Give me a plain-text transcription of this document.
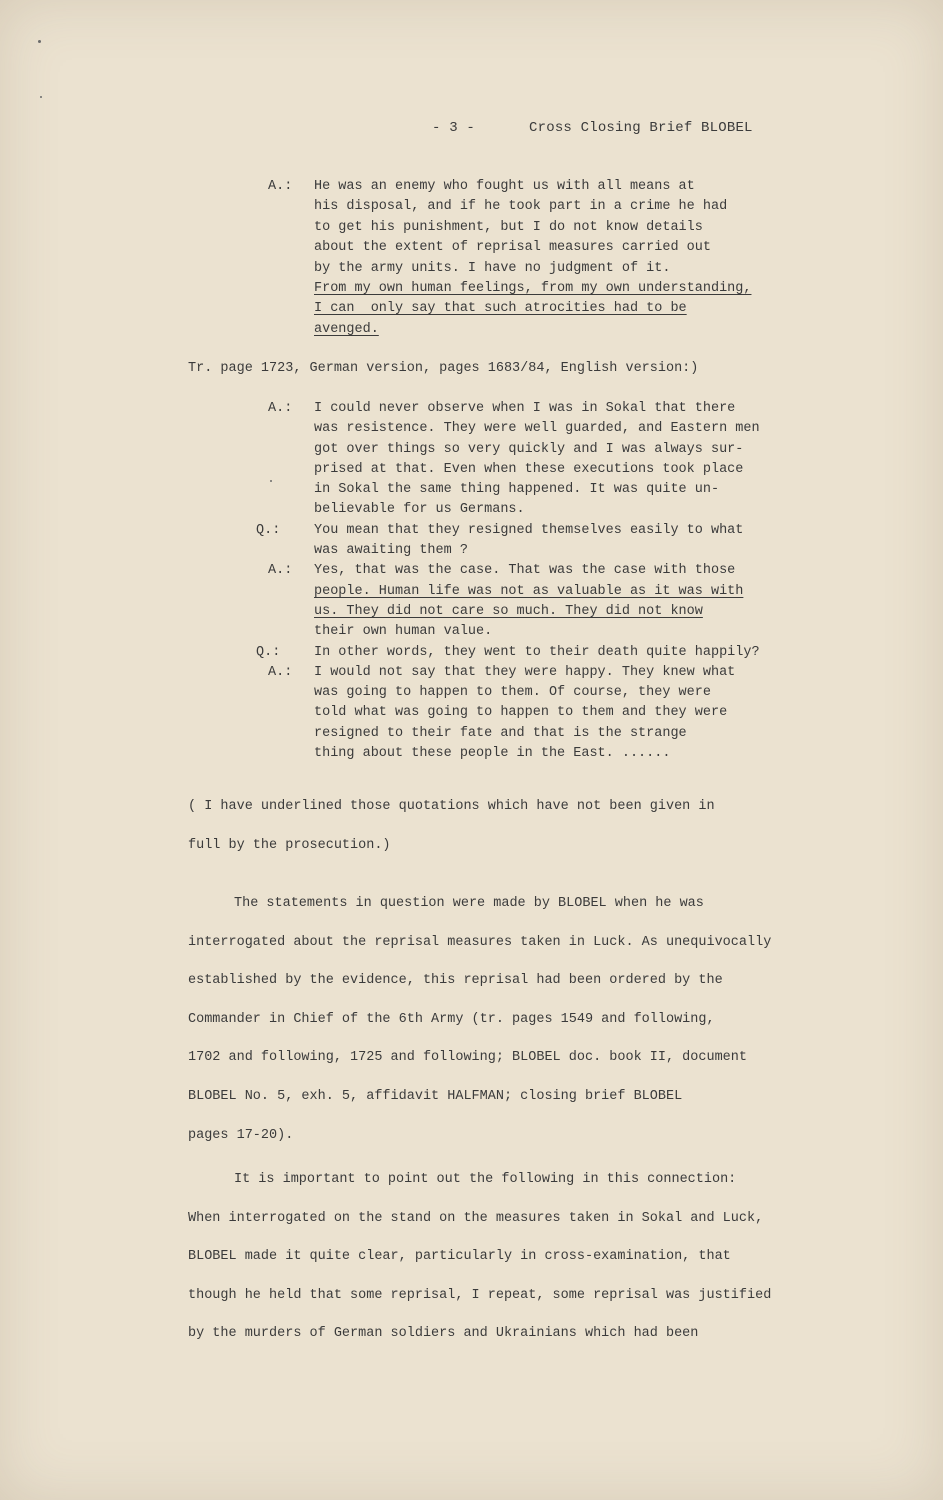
- 3 -	Cross Closing Brief BLOBEL
A.:	He was an enemy who fought us with all means at
his disposal, and if he took part in a crime he had
to get his punishment, but I do not know details
about the extent of reprisal measures carried out
by the army units. I have no judgment of it.
From my own human feelings, from my own understanding,
I can  only say that such atrocities had to be
avenged.
Tr. page 1723, German version, pages 1683/84, English version:)
A.:	I could never observe when I was in Sokal that there
was resistence. They were well guarded, and Eastern men
got over things so very quickly and I was always sur-
prised at that. Even when these executions took place
in Sokal the same thing happened. It was quite un-
believable for us Germans.
Q.:	You mean that they resigned themselves easily to what
was awaiting them ?
A.:	Yes, that was the case. That was the case with those
people. Human life was not as valuable as it was with
us. They did not care so much. They did not know
their own human value.
Q.:	In other words, they went to their death quite happily?
A.:	I would not say that they were happy. They knew what
was going to happen to them. Of course, they were
told what was going to happen to them and they were
resigned to their fate and that is the strange
thing about these people in the East. ......
( I have underlined those quotations which have not been given in
full by the prosecution.)
The statements in question were made by BLOBEL when he was
interrogated about the reprisal measures taken in Luck. As unequivocally
established by the evidence, this reprisal had been ordered by the
Commander in Chief of the 6th Army (tr. pages 1549 and following,
1702 and following, 1725 and following; BLOBEL doc. book II, document
BLOBEL No. 5, exh. 5, affidavit HALFMAN; closing brief BLOBEL
pages 17-20).
It is important to point out the following in this connection:
When interrogated on the stand on the measures taken in Sokal and Luck,
BLOBEL made it quite clear, particularly in cross-examination, that
though he held that some reprisal, I repeat, some reprisal was justified
by the murders of German soldiers and Ukrainians which had been
